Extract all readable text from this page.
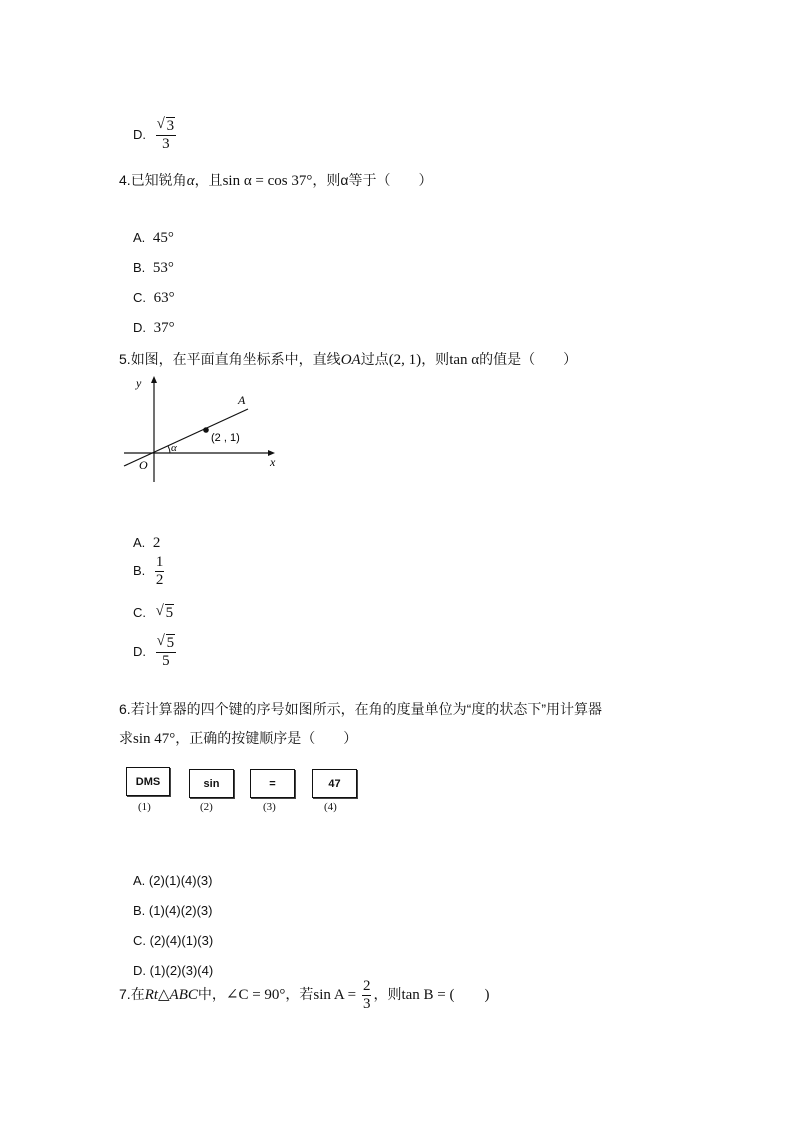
D. $\frac{√ 3}{3}$
4.已知锐角α，且sin α = cos 37°，则α等于（　　）
A. 45°
B. 53°
C. 63°
D. 37°
5.如图，在平面直角坐标系中，直线OA过点(2, 1)，则tan α的值是（　　）
y
x
O
A
α
(2 , 1)
A. 2
B. $\frac{1}{2}$
C. √ 5
D. $\frac{√ 5}{5}$
6.若计算器的四个键的序号如图所示，在角的度量单位为“度的状态下”用计算器
求sin 47°，正确的按键顺序是（　　）
DMS
(1)
sin
(2)
=
(3)
47
(4)
A. (2)(1)(4)(3)
B. (1)(4)(2)(3)
C. (2)(4)(1)(3)
D. (1)(2)(3)(4)
7.在Rt△ABC中，∠C = 90°，若$\sin A = \frac{2}{3}$ ，则tan B = (　　)
